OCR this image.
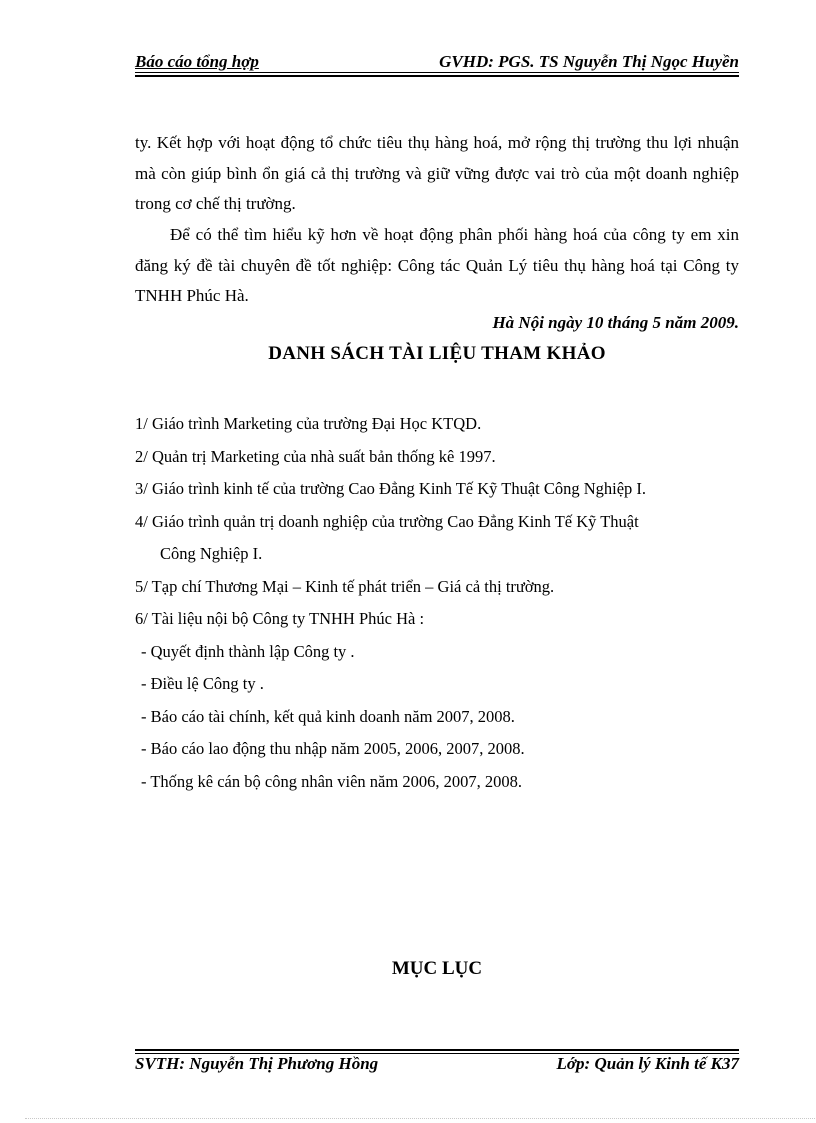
Báo cáo tổng hợp	GVHD: PGS. TS Nguyễn Thị Ngọc Huyền
ty. Kết hợp với hoạt động tổ chức tiêu thụ hàng hoá, mở rộng thị trường thu lợi nhuận mà còn giúp bình ổn giá cả thị trường và giữ vững được vai trò của một doanh nghiệp trong cơ chế thị trường.
Để có thể tìm hiểu kỹ hơn về hoạt động phân phối hàng hoá của công ty em xin đăng ký đề tài chuyên đề tốt nghiệp: Công tác Quản Lý tiêu thụ hàng hoá tại Công ty TNHH Phúc Hà.
Hà Nội ngày 10 tháng 5 năm 2009.
DANH SÁCH TÀI LIỆU THAM KHẢO
1/ Giáo trình Marketing của trường Đại Học KTQD.
2/ Quản trị Marketing của nhà suất bản thống kê 1997.
3/ Giáo trình kinh tế của trường Cao Đẳng Kinh Tế Kỹ Thuật Công Nghiệp I.
4/ Giáo trình quản trị doanh nghiệp của trường Cao Đẳng Kinh Tế Kỹ Thuật
Công Nghiệp I.
5/ Tạp chí Thương Mại – Kinh tế phát triển – Giá cả thị trường.
6/ Tài liệu nội bộ Công ty TNHH Phúc Hà :
- Quyết định thành lập Công ty .
- Điều lệ Công ty .
- Báo cáo tài chính, kết quả kinh doanh năm 2007, 2008.
- Báo cáo lao động thu nhập năm 2005, 2006, 2007, 2008.
- Thống kê cán bộ công nhân viên năm 2006, 2007, 2008.
MỤC LỤC
SVTH: Nguyễn Thị Phương Hồng	Lớp: Quản lý Kinh tế K37
